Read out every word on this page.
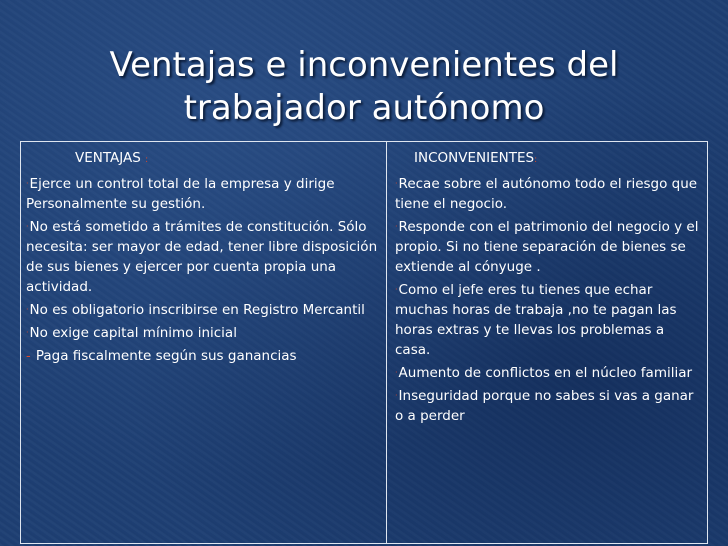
Ventajas e inconvenientes del trabajador autónomo
VENTAJAS :
·Ejerce un control total de la empresa y dirige Personalmente su gestión.
·No está sometido a trámites de constitución. Sólo necesita: ser mayor de edad, tener libre disposición de sus bienes y ejercer por cuenta propia una actividad.
·No es obligatorio inscribirse en Registro Mercantil
·No exige capital mínimo inicial
- Paga fiscalmente según sus ganancias
INCONVENIENTES:
·Recae sobre el autónomo todo el riesgo que tiene el negocio.
·Responde con el patrimonio del negocio y el propio. Si no tiene separación de bienes se extiende al cónyuge .
·Como el jefe eres tu tienes que echar muchas horas de trabaja ,no te pagan las horas extras y te llevas los problemas a casa.
·Aumento de conflictos en el núcleo familiar
·Inseguridad porque no sabes si vas a ganar o a perder
